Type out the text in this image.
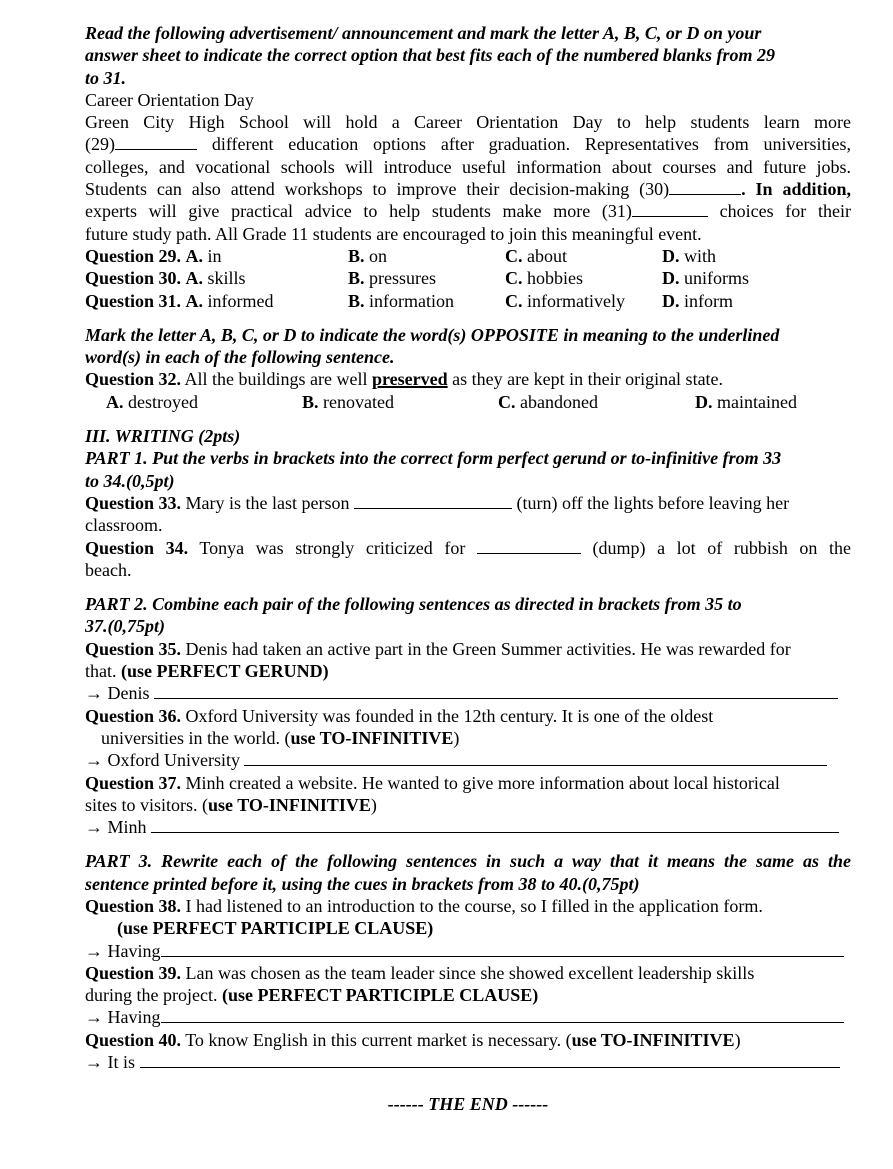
Read the following advertisement/ announcement and mark the letter A, B, C, or D on your
answer sheet to indicate the correct option that best fits each of the numbered blanks from 29
to 31.
Career Orientation Day
Green City High School will hold a Career Orientation Day to help students learn more
(29)	different education options after graduation. Representatives from universities,
colleges, and vocational schools will introduce useful information about courses and future jobs.
Students can also attend workshops to improve their decision-making (30)	. In addition,
experts will give practical advice to help students make more (31)	choices for their
future study path. All Grade 11 students are encouraged to join this meaningful event.
Question 29. A. in	B. on	C. about	D. with
Question 30. A. skills	B. pressures	C. hobbies	D. uniforms
Question 31. A. informed	B. information	C. informatively D. inform
Mark the letter A, B, C, or D to indicate the word(s) OPPOSITE in meaning to the underlined
word(s) in each of the following sentence.
Question 32. All the buildings are well preserved as they are kept in their original state.
A. destroyed	B. renovated	C. abandoned	D. maintained
III. WRITING (2pts)
PART 1. Put the verbs in brackets into the correct form perfect gerund or to-infinitive from 33
to 34.(0,5pt)
Question 33. Mary is the last person	(turn) off the lights before leaving her
classroom.
Question 34. Tonya was strongly criticized for	(dump) a lot of rubbish on the
beach.
PART 2. Combine each pair of the following sentences as directed in brackets from 35 to
37.(0,75pt)
Question 35. Denis had taken an active part in the Green Summer activities. He was rewarded for
that. (use PERFECT GERUND)
→ Denis
Question 36. Oxford University was founded in the 12th century. It is one of the oldest
universities in the world. (use TO-INFINITIVE)
→ Oxford University
Question 37. Minh created a website. He wanted to give more information about local historical
sites to visitors. (use TO-INFINITIVE)
→ Minh
PART 3. Rewrite each of the following sentences in such a way that it means the same as the
sentence printed before it, using the cues in brackets from 38 to 40.(0,75pt)
Question 38. I had listened to an introduction to the course, so I filled in the application form.
(use PERFECT PARTICIPLE CLAUSE)
→ Having
Question 39. Lan was chosen as the team leader since she showed excellent leadership skills
during the project. (use PERFECT PARTICIPLE CLAUSE)
→ Having
Question 40. To know English in this current market is necessary. (use TO-INFINITIVE)
→ It is
------ THE END ------
